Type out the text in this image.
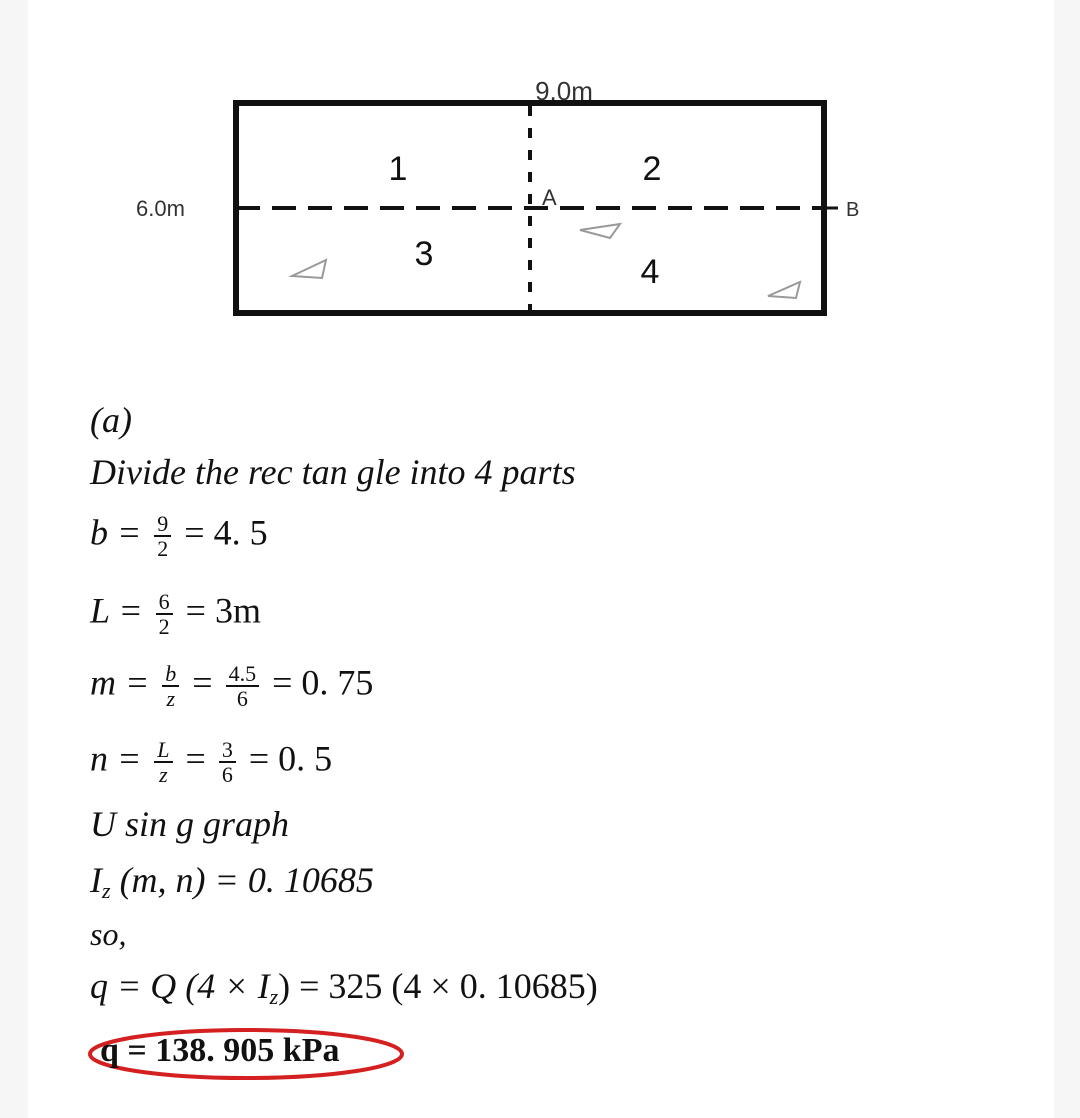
9.0m
6.0m	B
A
1	2
3	4
(a)
Divide the rec tan gle into 4 parts
$b = \frac{9}{2} = 4$. 5
$L = \frac{6}{2} = 3m$
$m = \frac{b}{z} = \frac{4.5}{6} = 0$. 75
$n = \frac{L}{z} = \frac{3}{6} = 0$. 5
U sin g graph
$I_z$ (m, n) = 0. 10685
so,
q = Q $(4 \times I_z) = 325$ (4 × 0. 10685)
q = 138. 905 kPa
